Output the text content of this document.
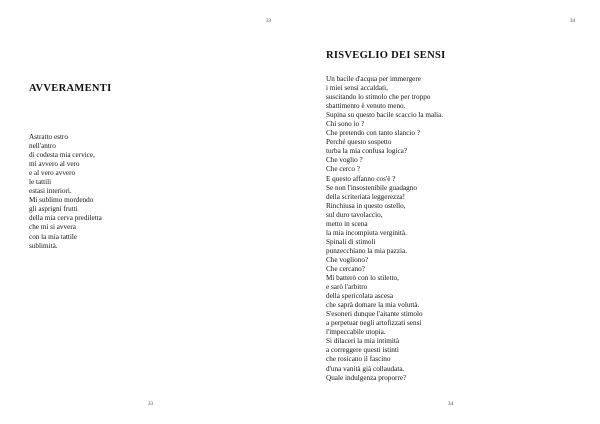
33
AVVERAMENTI
Astratto estro
nell'antro
di codesta mia cervice,
mi avvero al vero
e al vero avvero
le tattili
estasi interiori.
Mi sublimo mordendo
gli asprigni frutti
della mia cerva prediletta
che mi si avvera
con la mia tattile
sublimità.
33
34
RISVEGLIO DEI SENSI
Un bacile d'acqua per immergere
i miei sensi accaldati,
suscitando lo stimolo che per troppo
sbattimento è venuto meno.
Supina su questo bacile scaccio la malia.
Chi sono io ?
Che pretendo con tanto slancio ?
Perché questo sospetto
turba la mia confusa logica?
Che voglio ?
Che cerco ?
E questo affanno cos'è ?
Se non l'insostenibile guadagno
della scriteriata leggerezza!
Rinchiusa in questo ostello,
sul duro tavolaccio,
metto in scena
la mia incompiuta verginità.
Spinali di stimoli
punzecchiano la mia pazzia.
Che vogliono?
Che cercano?
Mi batterò con lo stiletto,
e sarò l'arbitro
della spericolata ascesa
che saprà domare la mia voluttà.
S'esoneri dunque l'aitante stimolo
a perpetuar negli artofizzati sensi
l'impeccabile utopia.
Si dilaceri la mia intimità
a correggere questi istinti
che rosicano il fascino
d'una vanità già collaudata.
Quale indulgenza proporre?
34
